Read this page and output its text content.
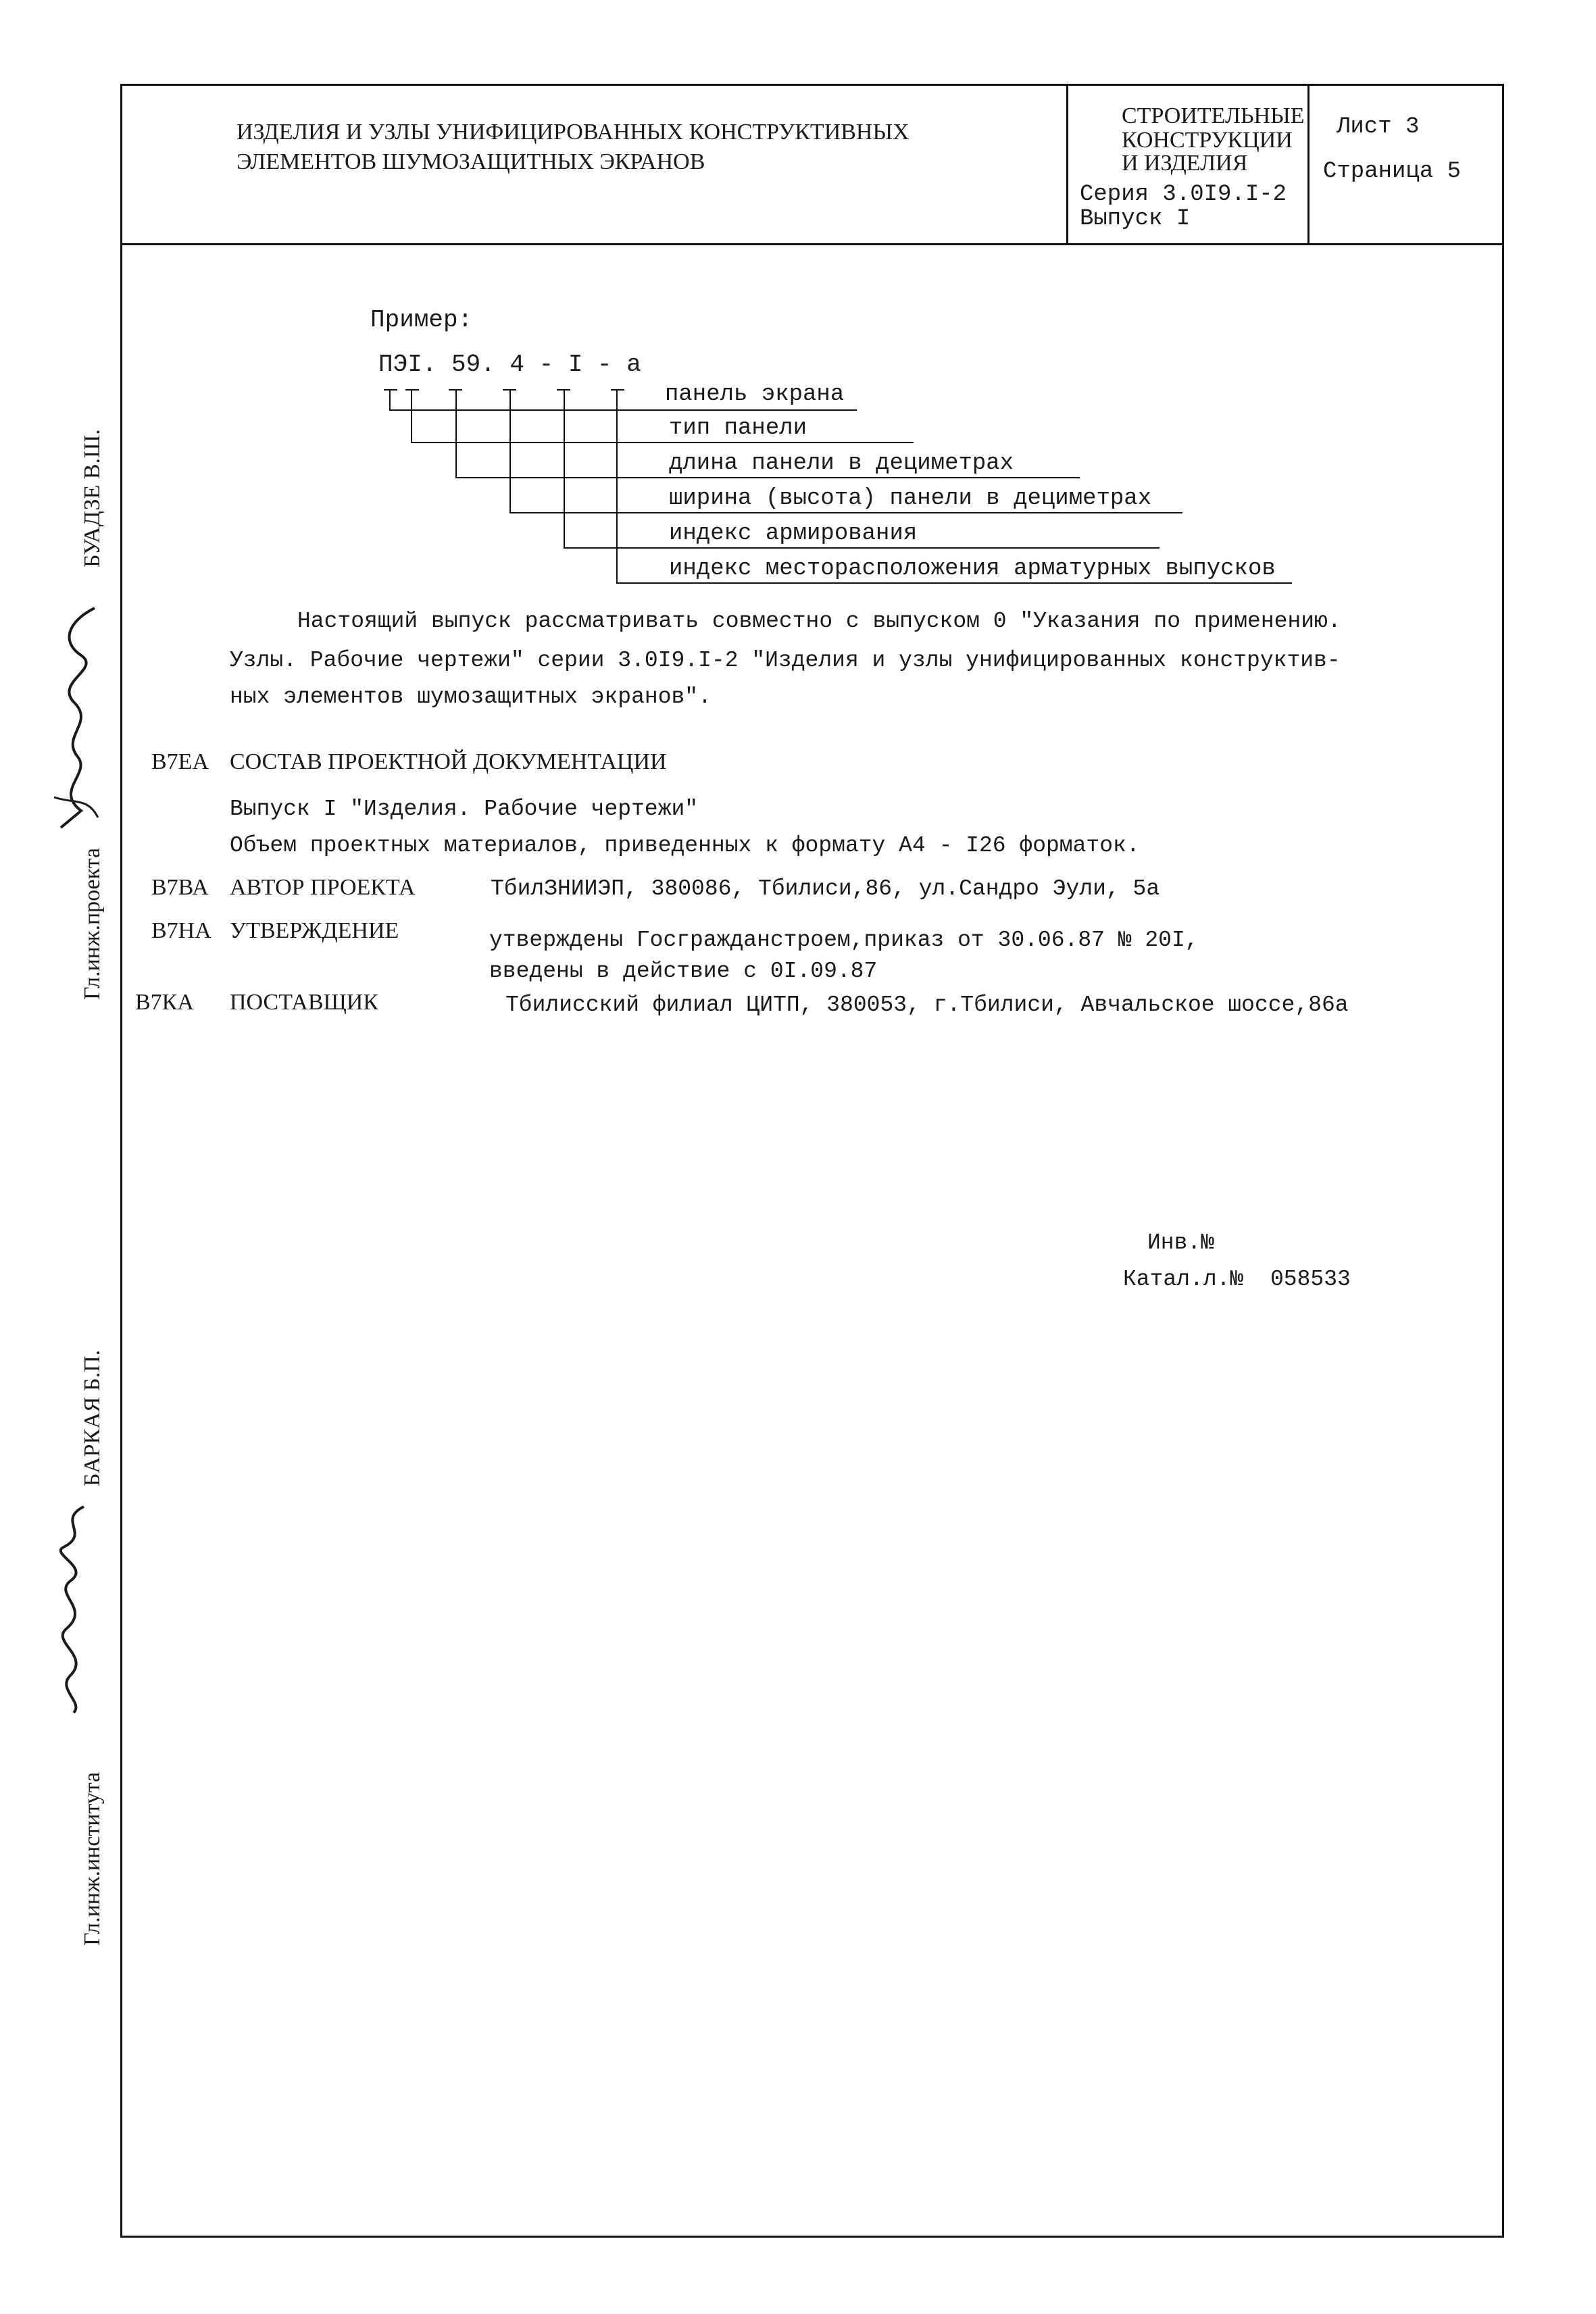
ИЗДЕЛИЯ И УЗЛЫ УНИФИЦИРОВАННЫХ КОНСТРУКТИВНЫХ
ЭЛЕМЕНТОВ ШУМОЗАЩИТНЫХ ЭКРАНОВ
СТРОИТЕЛЬНЫЕ
КОНСТРУКЦИИ
И ИЗДЕЛИЯ
Серия 3.0I9.I-2
Выпуск I
Лист 3
Страница 5
Пример:
ПЭI. 59. 4 - I - a
панель экрана
тип панели
длина панели в дециметрах
ширина (высота) панели в дециметрах
индекс армирования
индекс месторасположения арматурных выпусков
Настоящий выпуск рассматривать совместно с выпуском 0 "Указания по применению.
Узлы. Рабочие чертежи" серии 3.0I9.I-2 "Изделия и узлы унифицированных конструктив-
ных элементов шумозащитных экранов".
В7ЕА СОСТАВ ПРОЕКТНОЙ ДОКУМЕНТАЦИИ
Выпуск I "Изделия. Рабочие чертежи"
Объем проектных материалов, приведенных к формату А4 - I26 форматок.
В7ВА АВТОР ПРОЕКТА	ТбилЗНИИЭП, 380086, Тбилиси,86, ул.Сандро Эули, 5а
В7НА УТВЕРЖДЕНИЕ	утверждены Госгражданстроем,приказ от 30.06.87 № 20I,
введены в действие с 0I.09.87
В7КА ПОСТАВЩИК	Тбилисский филиал ЦИТП, 380053, г.Тбилиси, Авчальское шоссе,86а
Инв.№
Катал.л.№ 058533
Гл.инж.проекта
БУАДЗЕ В.Ш.
Гл.инж.института
БАРКАЯ Б.П.
